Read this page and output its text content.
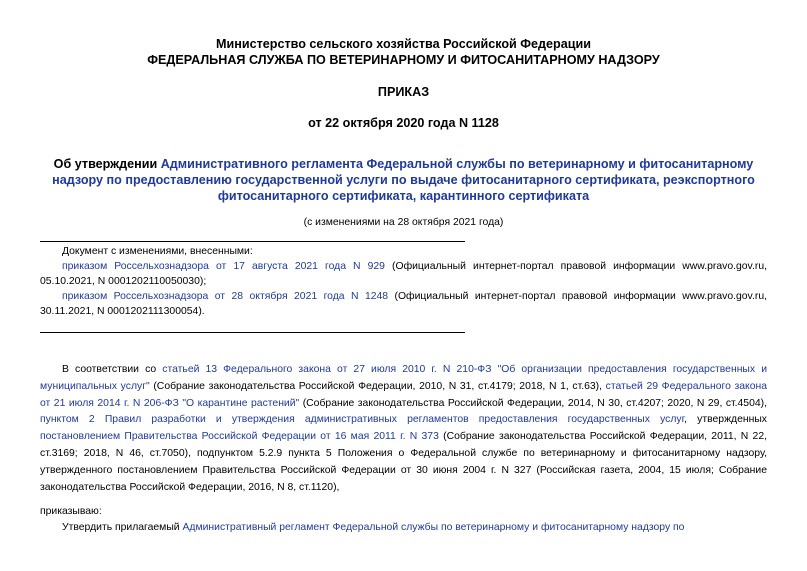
Министерство сельского хозяйства Российской Федерации
ФЕДЕРАЛЬНАЯ СЛУЖБА ПО ВЕТЕРИНАРНОМУ И ФИТОСАНИТАРНОМУ НАДЗОРУ
ПРИКАЗ
от 22 октября 2020 года N 1128
Об утверждении Административного регламента Федеральной службы по ветеринарному и фитосанитарному надзору по предоставлению государственной услуги по выдаче фитосанитарного сертификата, реэкспортного фитосанитарного сертификата, карантинного сертификата
(с изменениями на 28 октября 2021 года)

Документ с изменениями, внесенными:

приказом Россельхознадзора от 17 августа 2021 года N 929 (Официальный интернет-портал правовой информации www.pravo.gov.ru, 05.10.2021, N 0001202110050030);

приказом Россельхознадзора от 28 октября 2021 года N 1248 (Официальный интернет-портал правовой информации www.pravo.gov.ru, 30.11.2021, N 0001202111300054).

В соответствии со статьей 13 Федерального закона от 27 июля 2010 г. N 210-ФЗ "Об организации предоставления государственных и муниципальных услуг" (Собрание законодательства Российской Федерации, 2010, N 31, ст.4179; 2018, N 1, ст.63), статьей 29 Федерального закона от 21 июля 2014 г. N 206-ФЗ "О карантине растений" (Собрание законодательства Российской Федерации, 2014, N 30, ст.4207; 2020, N 29, ст.4504), пунктом 2 Правил разработки и утверждения административных регламентов предоставления государственных услуг, утвержденных постановлением Правительства Российской Федерации от 16 мая 2011 г. N 373 (Собрание законодательства Российской Федерации, 2011, N 22, ст.3169; 2018, N 46, ст.7050), подпунктом 5.2.9 пункта 5 Положения о Федеральной службе по ветеринарному и фитосанитарному надзору, утвержденного постановлением Правительства Российской Федерации от 30 июня 2004 г. N 327 (Российская газета, 2004, 15 июля; Собрание законодательства Российской Федерации, 2016, N 8, ст.1120),

приказываю:

Утвердить прилагаемый Административный регламент Федеральной службы по ветеринарному и фитосанитарному надзору по
